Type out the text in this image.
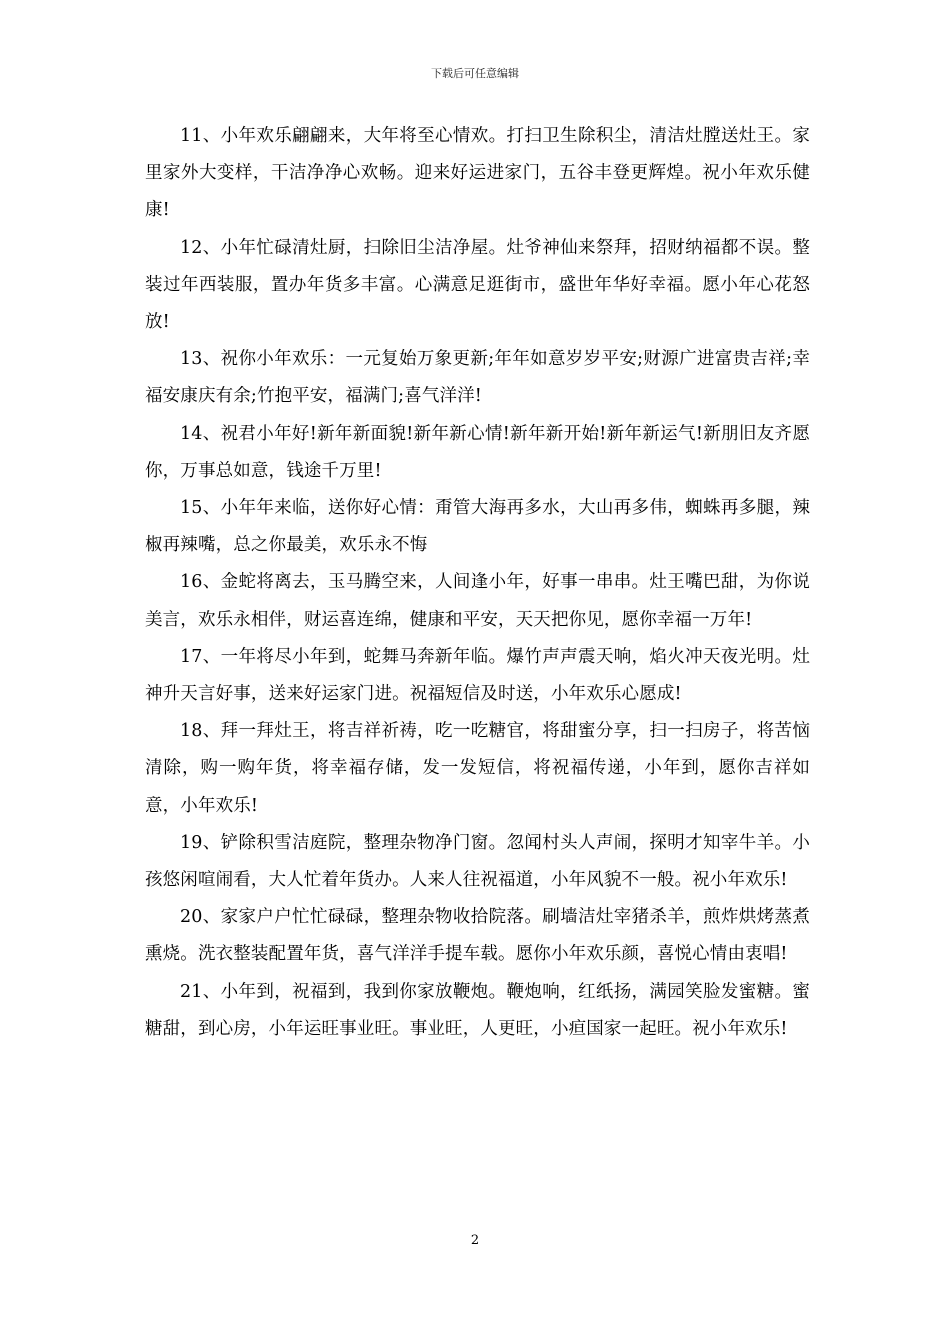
下载后可任意编辑

11、小年欢乐翩翩来，大年将至心情欢。打扫卫生除积尘，清洁灶膛送灶王。家里家外大变样，干洁净净心欢畅。迎来好运进家门，五谷丰登更辉煌。祝小年欢乐健康!

12、小年忙碌清灶厨，扫除旧尘洁净屋。灶爷神仙来祭拜，招财纳福都不误。整装过年西装服，置办年货多丰富。心满意足逛街市，盛世年华好幸福。愿小年心花怒放!

13、祝你小年欢乐：一元复始万象更新;年年如意岁岁平安;财源广进富贵吉祥;幸福安康庆有余;竹抱平安，福满门;喜气洋洋!

14、祝君小年好!新年新面貌!新年新心情!新年新开始!新年新运气!新朋旧友齐愿你，万事总如意，钱途千万里!

15、小年年来临，送你好心情：甭管大海再多水，大山再多伟，蜘蛛再多腿，辣椒再辣嘴，总之你最美，欢乐永不悔

16、金蛇将离去，玉马腾空来，人间逢小年，好事一串串。灶王嘴巴甜，为你说美言，欢乐永相伴，财运喜连绵，健康和平安，天天把你见，愿你幸福一万年!

17、一年将尽小年到，蛇舞马奔新年临。爆竹声声震天响，焰火冲天夜光明。灶神升天言好事，送来好运家门进。祝福短信及时送，小年欢乐心愿成!

18、拜一拜灶王，将吉祥祈祷，吃一吃糖官，将甜蜜分享，扫一扫房子，将苦恼清除，购一购年货，将幸福存储，发一发短信，将祝福传递，小年到，愿你吉祥如意，小年欢乐!

19、铲除积雪洁庭院，整理杂物净门窗。忽闻村头人声闹，探明才知宰牛羊。小孩悠闲喧闹看，大人忙着年货办。人来人往祝福道，小年风貌不一般。祝小年欢乐!

20、家家户户忙忙碌碌，整理杂物收拾院落。刷墙洁灶宰猪杀羊，煎炸烘烤蒸煮熏烧。洗衣整装配置年货，喜气洋洋手提车载。愿你小年欢乐颜，喜悦心情由衷唱!

21、小年到，祝福到，我到你家放鞭炮。鞭炮响，红纸扬，满园笑脸发蜜糖。蜜糖甜，到心房，小年运旺事业旺。事业旺，人更旺，小疸国家一起旺。祝小年欢乐!

2
